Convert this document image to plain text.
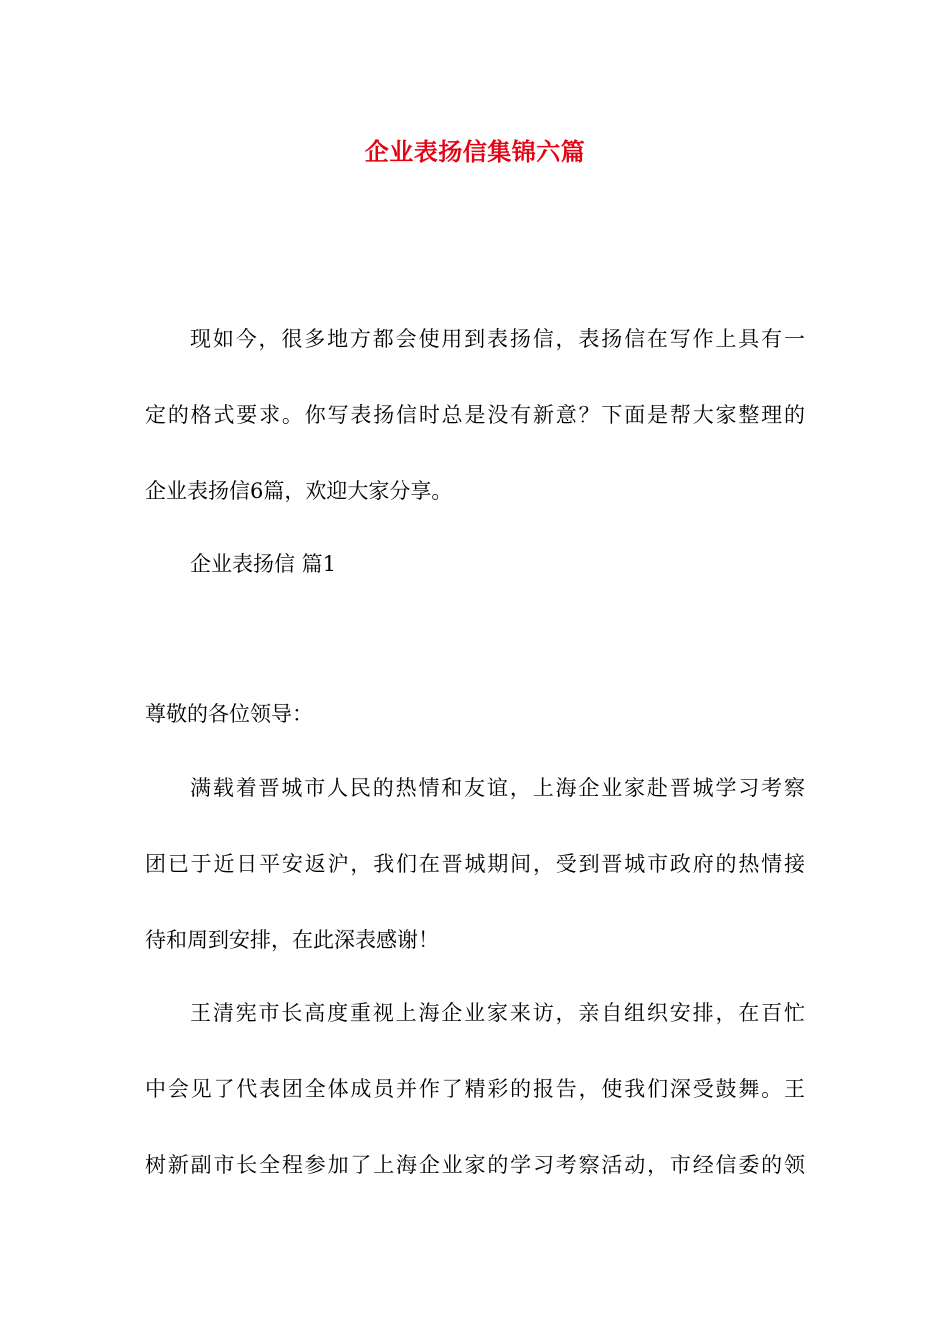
企业表扬信集锦六篇
现如今，很多地方都会使用到表扬信，表扬信在写作上具有一
定的格式要求。你写表扬信时总是没有新意？下面是帮大家整理的
企业表扬信6篇，欢迎大家分享。
企业表扬信 篇1
尊敬的各位领导：
满载着晋城市人民的热情和友谊，上海企业家赴晋城学习考察
团已于近日平安返沪，我们在晋城期间，受到晋城市政府的热情接
待和周到安排，在此深表感谢！
王清宪市长高度重视上海企业家来访，亲自组织安排，在百忙
中会见了代表团全体成员并作了精彩的报告，使我们深受鼓舞。王
树新副市长全程参加了上海企业家的学习考察活动，市经信委的领
